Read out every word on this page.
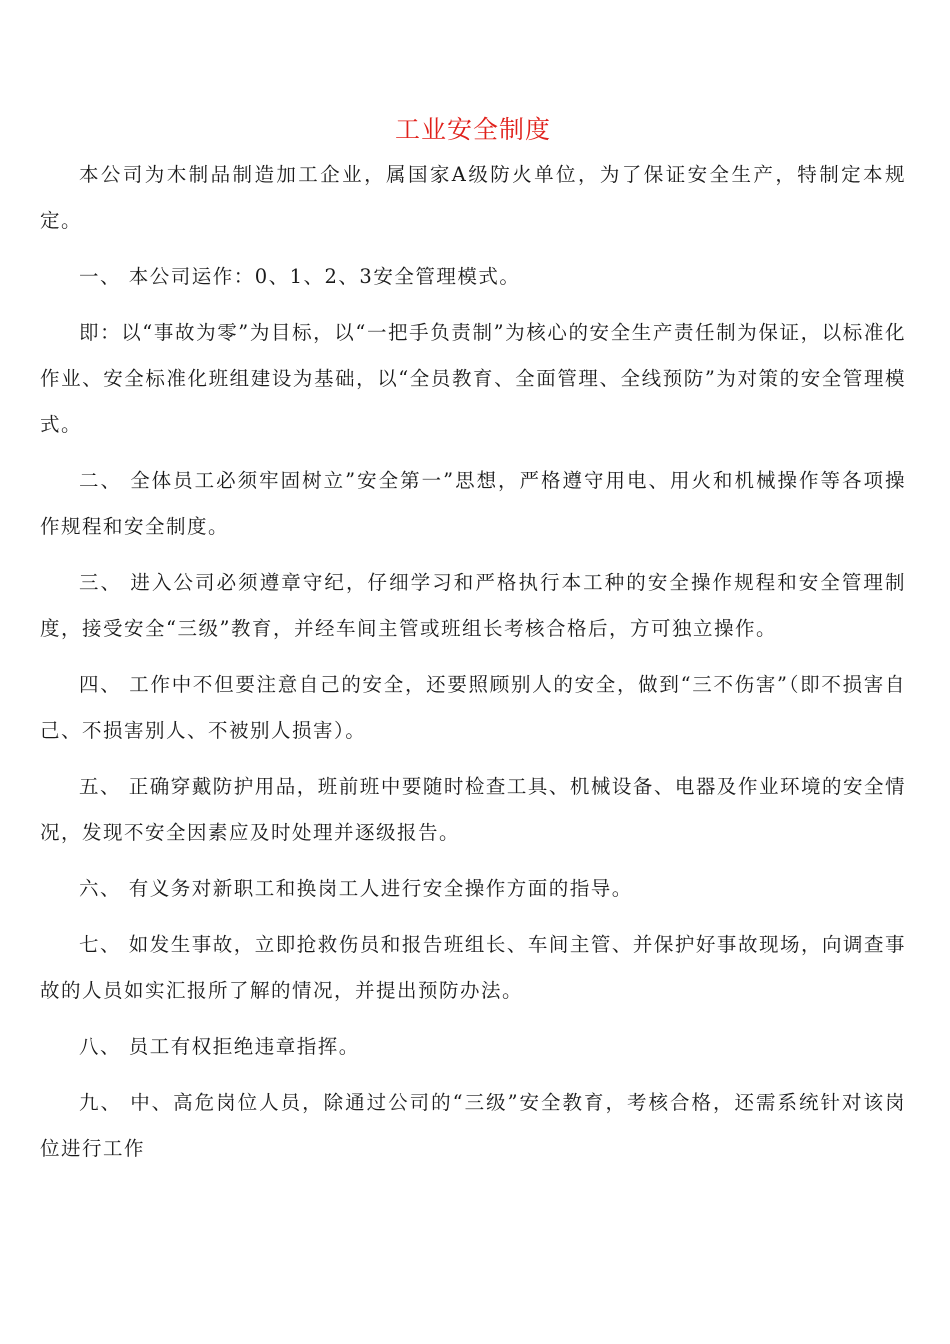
工业安全制度

本公司为木制品制造加工企业，属国家A级防火单位，为了保证安全生产，特制定本规定。

一、 本公司运作：0、1、2、3安全管理模式。

即：以“事故为零”为目标，以“一把手负责制”为核心的安全生产责任制为保证，以标准化作业、安全标准化班组建设为基础，以“全员教育、全面管理、全线预防”为对策的安全管理模式。

二、 全体员工必须牢固树立”安全第一”思想，严格遵守用电、用火和机械操作等各项操作规程和安全制度。

三、 进入公司必须遵章守纪，仔细学习和严格执行本工种的安全操作规程和安全管理制度，接受安全“三级”教育，并经车间主管或班组长考核合格后，方可独立操作。

四、 工作中不但要注意自己的安全，还要照顾别人的安全，做到“三不伤害”（即不损害自己、不损害别人、不被别人损害）。

五、 正确穿戴防护用品，班前班中要随时检查工具、机械设备、电器及作业环境的安全情况，发现不安全因素应及时处理并逐级报告。

六、 有义务对新职工和换岗工人进行安全操作方面的指导。

七、 如发生事故，立即抢救伤员和报告班组长、车间主管、并保护好事故现场，向调查事故的人员如实汇报所了解的情况，并提出预防办法。

八、 员工有权拒绝违章指挥。

九、 中、高危岗位人员，除通过公司的“三级”安全教育，考核合格，还需系统针对该岗位进行工作
